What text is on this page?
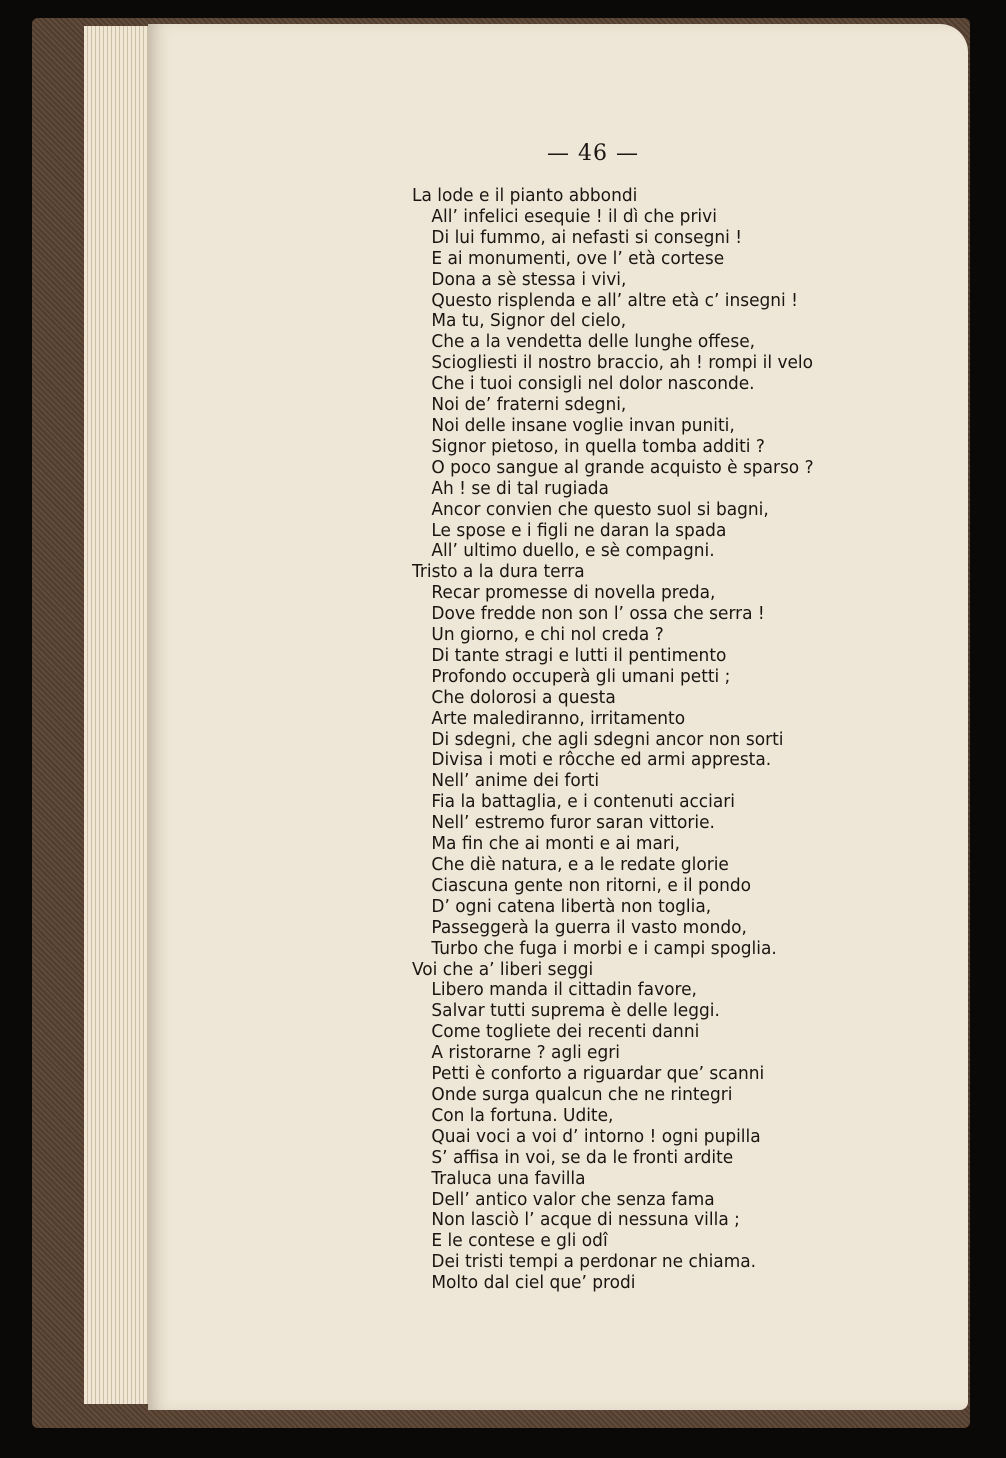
— 46 —
La lode e il pianto abbondi
All’ infelici esequie ! il dì che privi
Di lui fummo, ai nefasti si consegni !
E ai monumenti, ove l’ età cortese
Dona a sè stessa i vivi,
Questo risplenda e all’ altre età c’ insegni !
Ma tu, Signor del cielo,
Che a la vendetta delle lunghe offese,
Sciogliesti il nostro braccio, ah ! rompi il velo
Che i tuoi consigli nel dolor nasconde.
Noi de’ fraterni sdegni,
Noi delle insane voglie invan puniti,
Signor pietoso, in quella tomba additi ?
O poco sangue al grande acquisto è sparso ?
Ah ! se di tal rugiada
Ancor convien che questo suol si bagni,
Le spose e i figli ne daran la spada
All’ ultimo duello, e sè compagni.
Tristo a la dura terra
Recar promesse di novella preda,
Dove fredde non son l’ ossa che serra !
Un giorno, e chi nol creda ?
Di tante stragi e lutti il pentimento
Profondo occuperà gli umani petti ;
Che dolorosi a questa
Arte malediranno, irritamento
Di sdegni, che agli sdegni ancor non sorti
Divisa i moti e rôcche ed armi appresta.
Nell’ anime dei forti
Fia la battaglia, e i contenuti acciari
Nell’ estremo furor saran vittorie.
Ma fin che ai monti e ai mari,
Che diè natura, e a le redate glorie
Ciascuna gente non ritorni, e il pondo
D’ ogni catena libertà non toglia,
Passeggerà la guerra il vasto mondo,
Turbo che fuga i morbi e i campi spoglia.
Voi che a’ liberi seggi
Libero manda il cittadin favore,
Salvar tutti suprema è delle leggi.
Come togliete dei recenti danni
A ristorarne ? agli egri
Petti è conforto a riguardar que’ scanni
Onde surga qualcun che ne rintegri
Con la fortuna. Udite,
Quai voci a voi d’ intorno ! ogni pupilla
S’ affisa in voi, se da le fronti ardite
Traluca una favilla
Dell’ antico valor che senza fama
Non lasciò l’ acque di nessuna villa ;
E le contese e gli odî
Dei tristi tempi a perdonar ne chiama.
Molto dal ciel que’ prodi
